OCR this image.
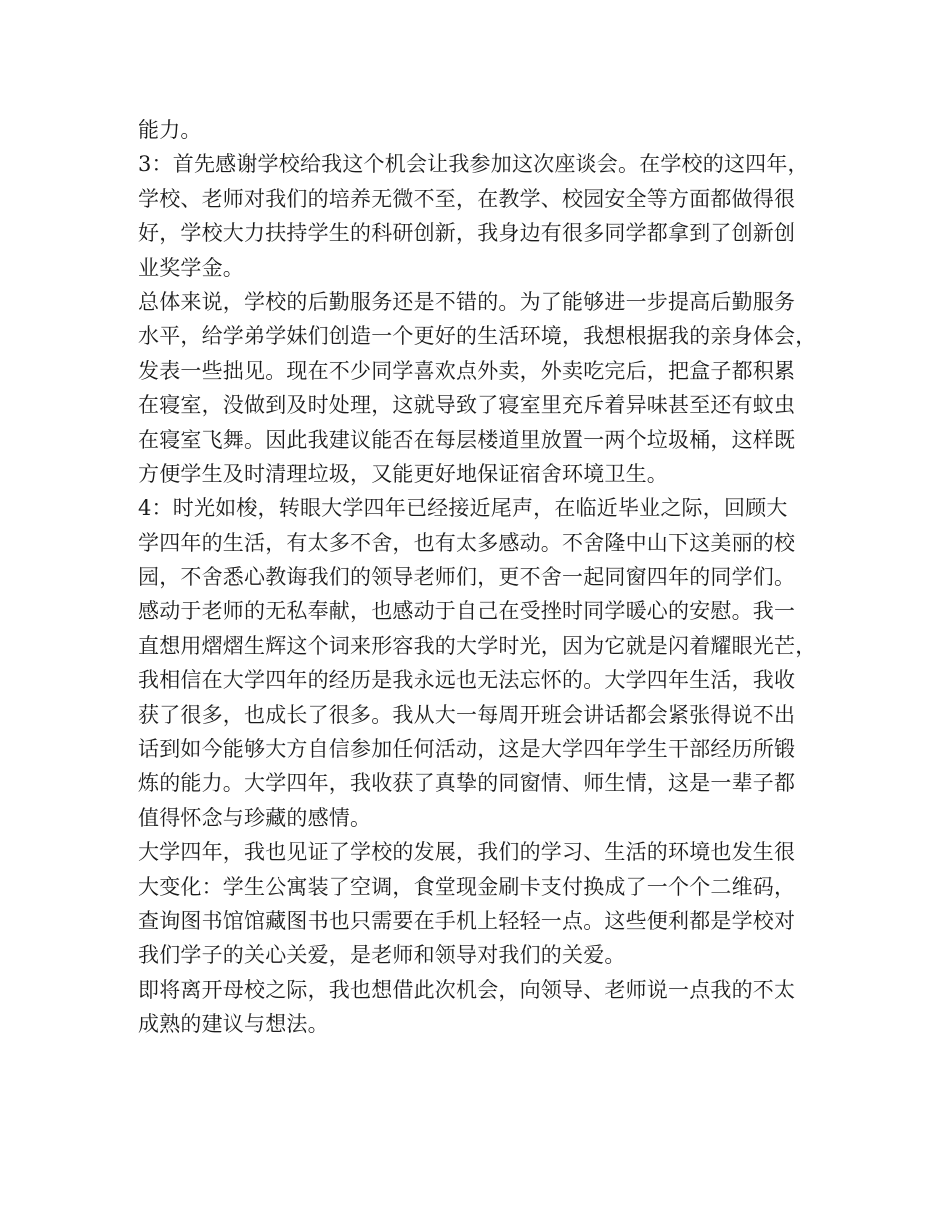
能力。
3：首先感谢学校给我这个机会让我参加这次座谈会。在学校的这四年，
学校、老师对我们的培养无微不至，在教学、校园安全等方面都做得很
好，学校大力扶持学生的科研创新，我身边有很多同学都拿到了创新创
业奖学金。
总体来说，学校的后勤服务还是不错的。为了能够进一步提高后勤服务
水平，给学弟学妹们创造一个更好的生活环境，我想根据我的亲身体会，
发表一些拙见。现在不少同学喜欢点外卖，外卖吃完后，把盒子都积累
在寝室，没做到及时处理，这就导致了寝室里充斥着异味甚至还有蚊虫
在寝室飞舞。因此我建议能否在每层楼道里放置一两个垃圾桶，这样既
方便学生及时清理垃圾，又能更好地保证宿舍环境卫生。
4：时光如梭，转眼大学四年已经接近尾声，在临近毕业之际，回顾大
学四年的生活，有太多不舍，也有太多感动。不舍隆中山下这美丽的校
园，不舍悉心教诲我们的领导老师们，更不舍一起同窗四年的同学们。
感动于老师的无私奉献，也感动于自己在受挫时同学暖心的安慰。我一
直想用熠熠生辉这个词来形容我的大学时光，因为它就是闪着耀眼光芒，
我相信在大学四年的经历是我永远也无法忘怀的。大学四年生活，我收
获了很多，也成长了很多。我从大一每周开班会讲话都会紧张得说不出
话到如今能够大方自信参加任何活动，这是大学四年学生干部经历所锻
炼的能力。大学四年，我收获了真挚的同窗情、师生情，这是一辈子都
值得怀念与珍藏的感情。
大学四年，我也见证了学校的发展，我们的学习、生活的环境也发生很
大变化：学生公寓装了空调，食堂现金刷卡支付换成了一个个二维码，
查询图书馆馆藏图书也只需要在手机上轻轻一点。这些便利都是学校对
我们学子的关心关爱，是老师和领导对我们的关爱。
即将离开母校之际，我也想借此次机会，向领导、老师说一点我的不太
成熟的建议与想法。
